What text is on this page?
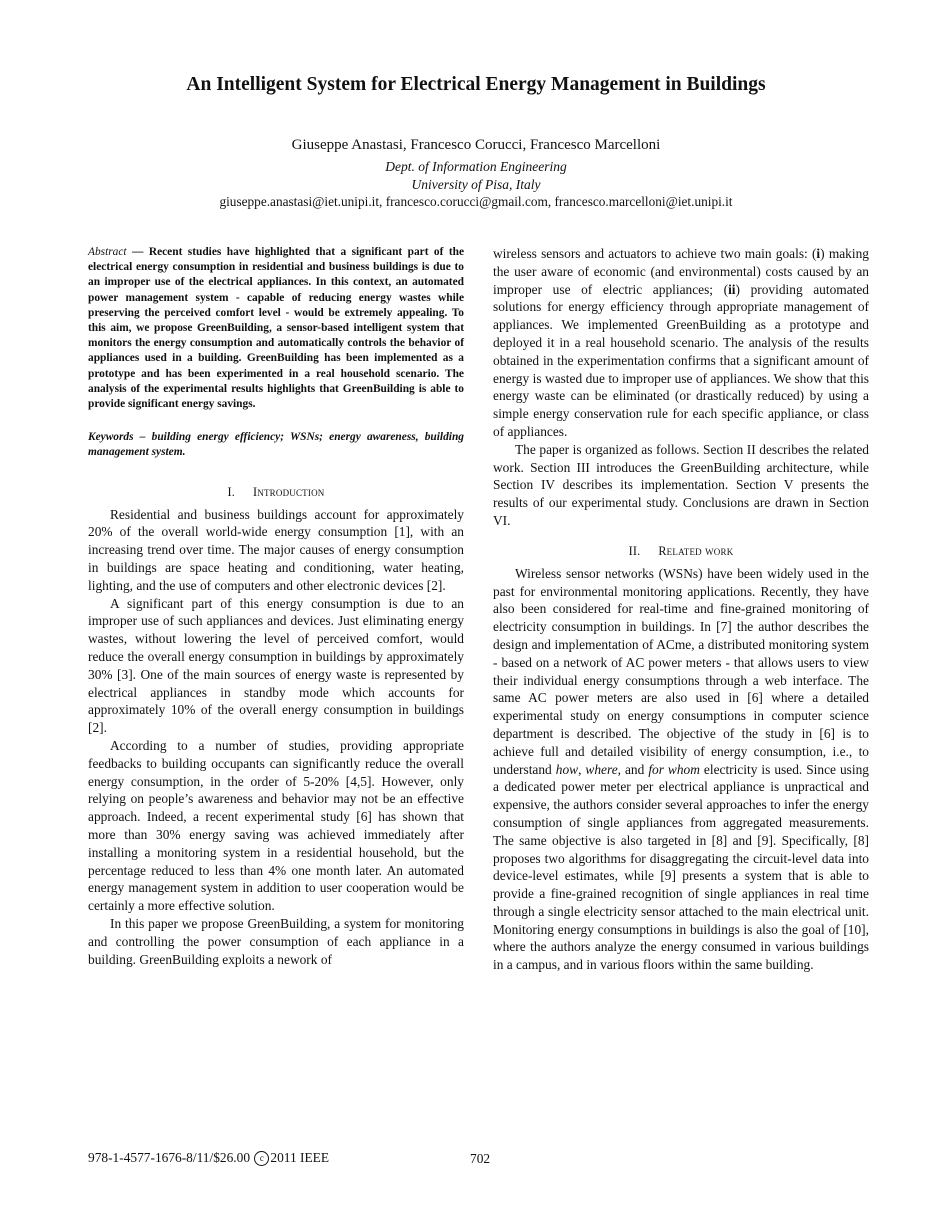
An Intelligent System for Electrical Energy Management in Buildings
Giuseppe Anastasi, Francesco Corucci, Francesco Marcelloni
Dept. of Information Engineering
University of Pisa, Italy
giuseppe.anastasi@iet.unipi.it, francesco.corucci@gmail.com, francesco.marcelloni@iet.unipi.it

Abstract — Recent studies have highlighted that a significant part of the electrical energy consumption in residential and business buildings is due to an improper use of the electrical appliances. In this context, an automated power management system - capable of reducing energy wastes while preserving the perceived comfort level - would be extremely appealing. To this aim, we propose GreenBuilding, a sensor-based intelligent system that monitors the energy consumption and automatically controls the behavior of appliances used in a building. GreenBuilding has been implemented as a prototype and has been experimented in a real household scenario. The analysis of the experimental results highlights that GreenBuilding is able to provide significant energy savings.

Keywords – building energy efficiency; WSNs; energy awareness, building management system.

I. Introduction

Residential and business buildings account for approximately 20% of the overall world-wide energy consumption [1], with an increasing trend over time. The major causes of energy consumption in buildings are space heating and conditioning, water heating, lighting, and the use of computers and other electronic devices [2].

A significant part of this energy consumption is due to an improper use of such appliances and devices. Just eliminating energy wastes, without lowering the level of perceived comfort, would reduce the overall energy consumption in buildings by approximately 30% [3]. One of the main sources of energy waste is represented by electrical appliances in standby mode which accounts for approximately 10% of the overall energy consumption in buildings [2].

According to a number of studies, providing appropriate feedbacks to building occupants can significantly reduce the overall energy consumption, in the order of 5-20% [4,5]. However, only relying on people’s awareness and behavior may not be an effective approach. Indeed, a recent experimental study [6] has shown that more than 30% energy saving was achieved immediately after installing a monitoring system in a residential household, but the percentage reduced to less than 4% one month later. An automated energy management system in addition to user cooperation would be certainly a more effective solution.

In this paper we propose GreenBuilding, a system for monitoring and controlling the power consumption of each appliance in a building. GreenBuilding exploits a nework of

wireless sensors and actuators to achieve two main goals: (i) making the user aware of economic (and environmental) costs caused by an improper use of electric appliances; (ii) providing automated solutions for energy efficiency through appropriate management of appliances. We implemented GreenBuilding as a prototype and deployed it in a real household scenario. The analysis of the results obtained in the experimentation confirms that a significant amount of energy is wasted due to improper use of appliances. We show that this energy waste can be eliminated (or drastically reduced) by using a simple energy conservation rule for each specific appliance, or class of appliances.

The paper is organized as follows. Section II describes the related work. Section III introduces the GreenBuilding architecture, while Section IV describes its implementation. Section V presents the results of our experimental study. Conclusions are drawn in Section VI.

II. Related work

Wireless sensor networks (WSNs) have been widely used in the past for environmental monitoring applications. Recently, they have also been considered for real-time and fine-grained monitoring of electricity consumption in buildings. In [7] the author describes the design and implementation of ACme, a distributed monitoring system - based on a network of AC power meters - that allows users to view their individual energy consumptions through a web interface. The same AC power meters are also used in [6] where a detailed experimental study on energy consumptions in computer science department is described. The objective of the study in [6] is to achieve full and detailed visibility of energy consumption, i.e., to understand how, where, and for whom electricity is used. Since using a dedicated power meter per electrical appliance is unpractical and expensive, the authors consider several approaches to infer the energy consumption of single appliances from aggregated measurements. The same objective is also targeted in [8] and [9]. Specifically, [8] proposes two algorithms for disaggregating the circuit-level data into device-level estimates, while [9] presents a system that is able to provide a fine-grained recognition of single appliances in real time through a single electricity sensor attached to the main electrical unit. Monitoring energy consumptions in buildings is also the goal of [10], where the authors analyze the energy consumed in various buildings in a campus, and in various floors within the same building.

978-1-4577-1676-8/11/$26.00 c 2011 IEEE	702
